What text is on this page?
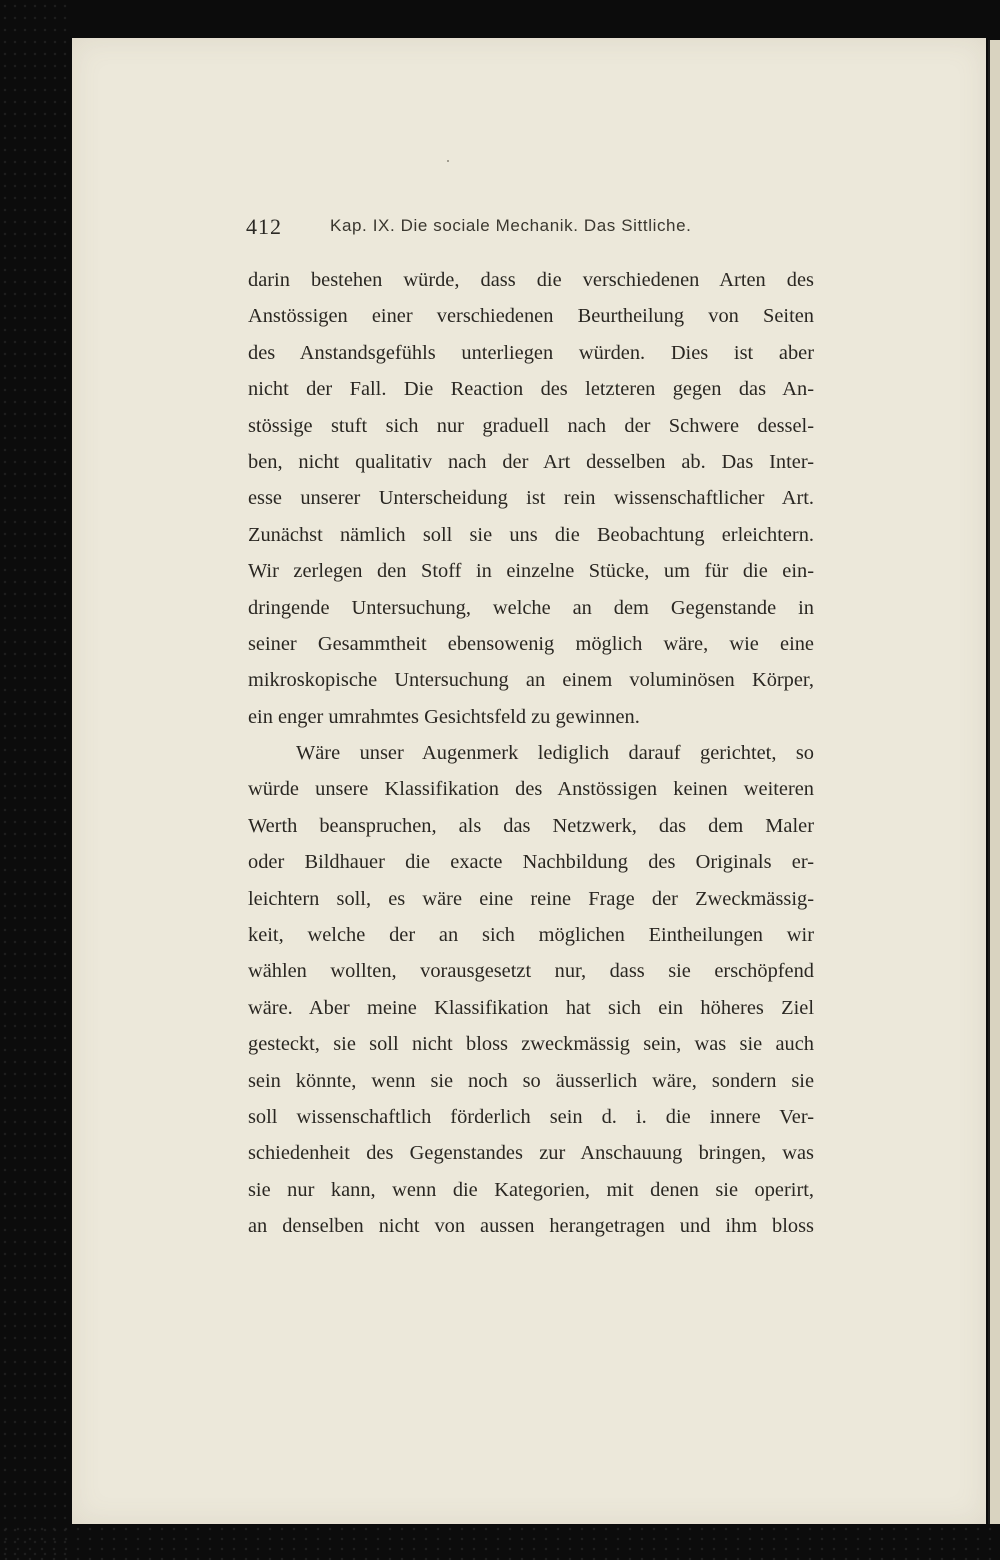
412	Kap. IX. Die sociale Mechanik. Das Sittliche.
darin bestehen würde, dass die verschiedenen Arten des
Anstössigen einer verschiedenen Beurtheilung von Seiten
des Anstandsgefühls unterliegen würden. Dies ist aber
nicht der Fall. Die Reaction des letzteren gegen das An-
stössige stuft sich nur graduell nach der Schwere dessel-
ben, nicht qualitativ nach der Art desselben ab. Das Inter-
esse unserer Unterscheidung ist rein wissenschaftlicher Art.
Zunächst nämlich soll sie uns die Beobachtung erleichtern.
Wir zerlegen den Stoff in einzelne Stücke, um für die ein-
dringende Untersuchung, welche an dem Gegenstande in
seiner Gesammtheit ebensowenig möglich wäre, wie eine
mikroskopische Untersuchung an einem voluminösen Körper,
ein enger umrahmtes Gesichtsfeld zu gewinnen.
Wäre unser Augenmerk lediglich darauf gerichtet, so
würde unsere Klassifikation des Anstössigen keinen weiteren
Werth beanspruchen, als das Netzwerk, das dem Maler
oder Bildhauer die exacte Nachbildung des Originals er-
leichtern soll, es wäre eine reine Frage der Zweckmässig-
keit, welche der an sich möglichen Eintheilungen wir
wählen wollten, vorausgesetzt nur, dass sie erschöpfend
wäre. Aber meine Klassifikation hat sich ein höheres Ziel
gesteckt, sie soll nicht bloss zweckmässig sein, was sie auch
sein könnte, wenn sie noch so äusserlich wäre, sondern sie
soll wissenschaftlich förderlich sein d. i. die innere Ver-
schiedenheit des Gegenstandes zur Anschauung bringen, was
sie nur kann, wenn die Kategorien, mit denen sie operirt,
an denselben nicht von aussen herangetragen und ihm bloss
